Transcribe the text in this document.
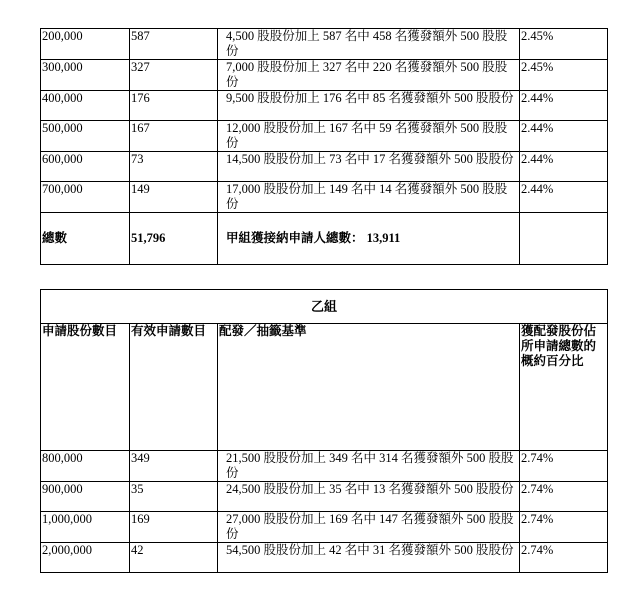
200,000	587	4,500 股股份加上 587 名中 458 名獲發額外 500 股股份	2.45%
300,000	327	7,000 股股份加上 327 名中 220 名獲發額外 500 股股份	2.45%
400,000	176	9,500 股股份加上 176 名中 85 名獲發額外 500 股股份	2.44%
500,000	167	12,000 股股份加上 167 名中 59 名獲發額外 500 股股份	2.44%
600,000	73	14,500 股股份加上 73 名中 17 名獲發額外 500 股股份	2.44%
700,000	149	17,000 股股份加上 149 名中 14 名獲發額外 500 股股份	2.44%
總數	51,796	甲組獲接納申請人總數： 13,911	
乙組			
申請股份數目	有效申請數目	配發／抽籤基準	獲配發股份佔所申請總數的概約百分比
800,000	349	21,500 股股份加上 349 名中 314 名獲發額外 500 股股份	2.74%
900,000	35	24,500 股股份加上 35 名中 13 名獲發額外 500 股股份	2.74%
1,000,000	169	27,000 股股份加上 169 名中 147 名獲發額外 500 股股份	2.74%
2,000,000	42	54,500 股股份加上 42 名中 31 名獲發額外 500 股股份	2.74%
